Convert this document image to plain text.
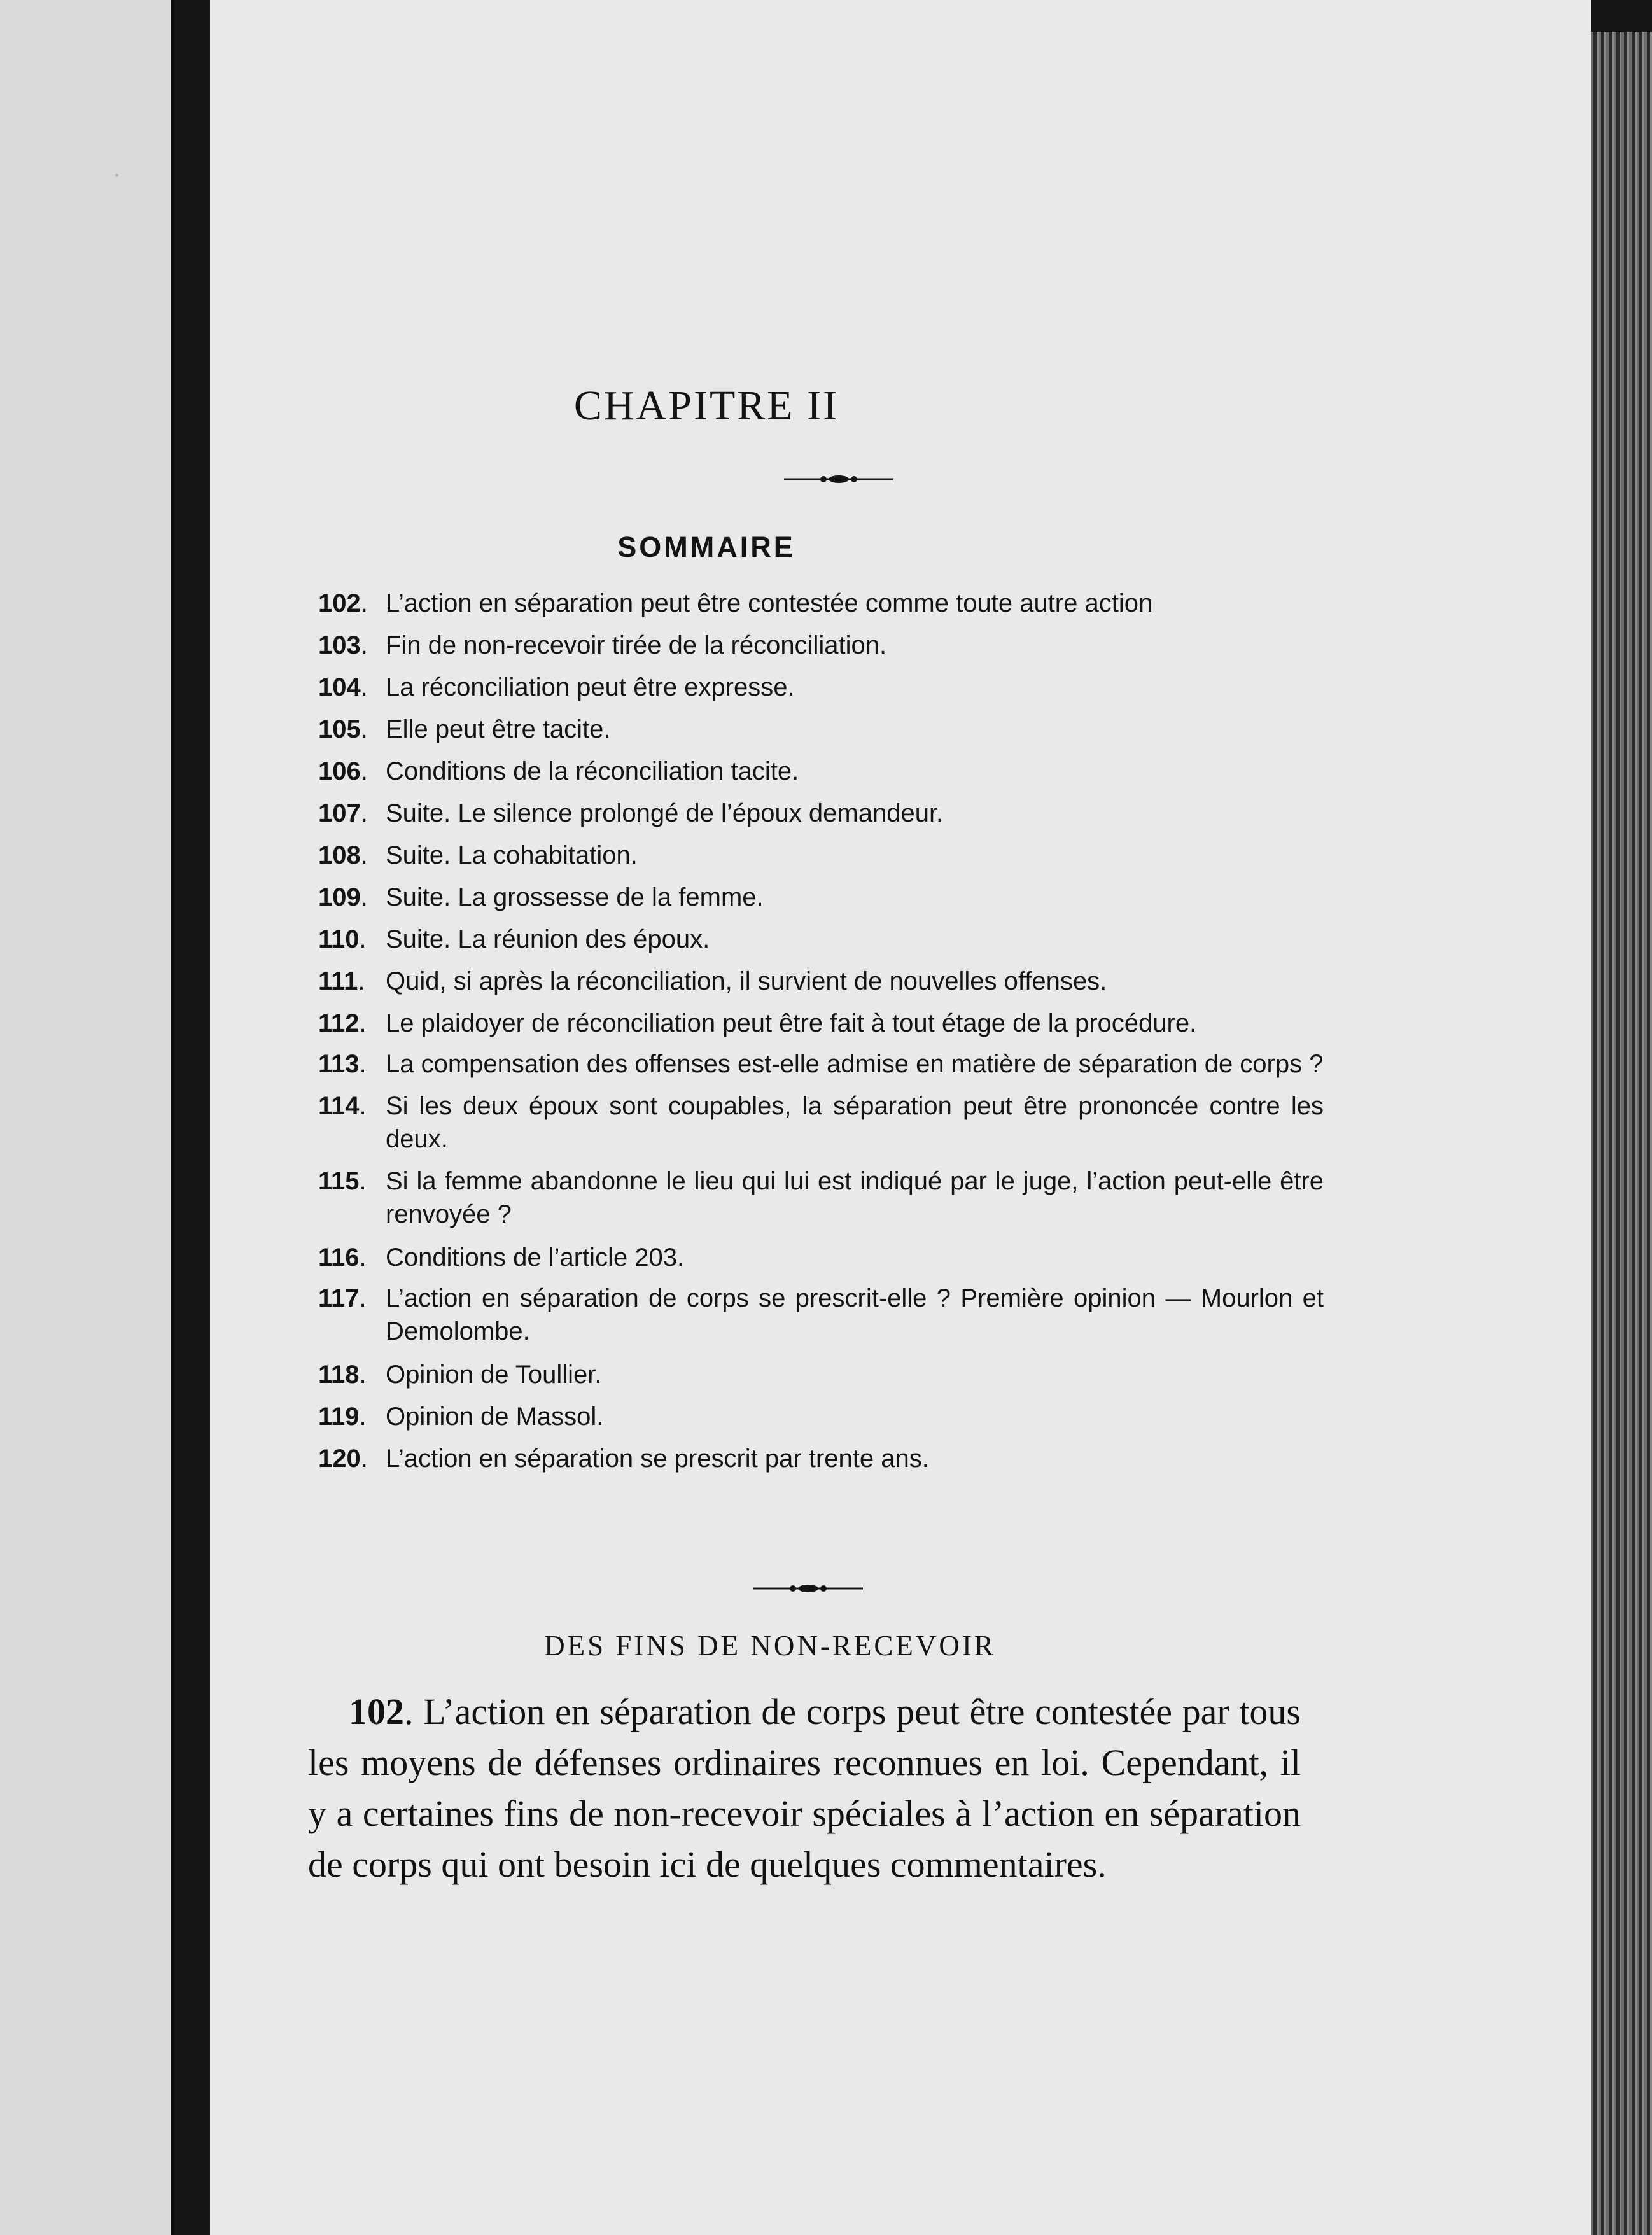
·
CHAPITRE II
SOMMAIRE
102 . L’action en séparation peut être contestée comme toute autre action
103 . Fin de non-recevoir tirée de la réconciliation.
104 . La réconciliation peut être expresse.
105 . Elle peut être tacite.
106 . Conditions de la réconciliation tacite.
107 . Suite. Le silence prolongé de l’époux demandeur.
108 . Suite. La cohabitation.
109 . Suite. La grossesse de la femme.
110 . Suite. La réunion des époux.
111 . Quid, si après la réconciliation, il survient de nouvelles offenses.
112 . Le plaidoyer de réconciliation peut être fait à tout étage de la procédure.
113 . La compensation des offenses est-elle admise en matière de séparation de corps ?
114 . Si les deux époux sont coupables, la séparation peut être prononcée contre les deux.
115 . Si la femme abandonne le lieu qui lui est indiqué par le juge, l’action peut-elle être renvoyée ?
116 . Conditions de l’article 203.
117 . L’action en séparation de corps se prescrit-elle ? Première opinion — Mourlon et Demolombe.
118 . Opinion de Toullier.
119 . Opinion de Massol.
120 . L’action en séparation se prescrit par trente ans.
DES FINS DE NON-RECEVOIR

102 . L’action en séparation de corps peut être contestée par tous les moyens de défenses ordinaires reconnues en loi. Cependant, il y a certaines fins de non-recevoir spéciales à l’action en séparation de corps qui ont besoin ici de quelques commentaires.
